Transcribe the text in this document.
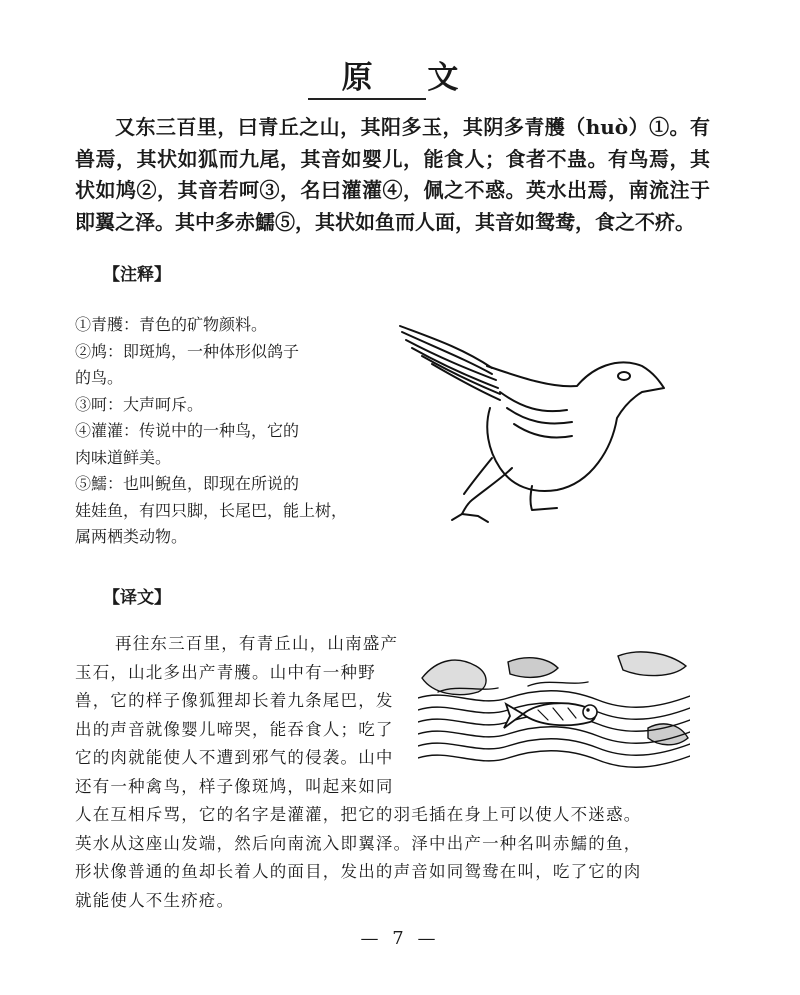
原 文

又东三百里，曰青丘之山，其阳多玉，其阴多青雘（huò）①。有兽焉，其状如狐而九尾，其音如婴儿，能食人；食者不蛊。有鸟焉，其状如鸠②，其音若呵③，名曰灌灌④，佩之不惑。英水出焉，南流注于即翼之泽。其中多赤鱬⑤，其状如鱼而人面，其音如鸳鸯，食之不疥。

【注释】

①青雘：青色的矿物颜料。
②鸠：即斑鸠，一种体形似鸽子
的鸟。
③呵：大声呵斥。
④灌灌：传说中的一种鸟，它的
肉味道鲜美。
⑤鱬：也叫鲵鱼，即现在所说的
娃娃鱼，有四只脚，长尾巴，能上树，
属两栖类动物。

【译文】

再往东三百里，有青丘山，山南盛产
玉石，山北多出产青雘。山中有一种野
兽，它的样子像狐狸却长着九条尾巴，发
出的声音就像婴儿啼哭，能吞食人；吃了
它的肉就能使人不遭到邪气的侵袭。山中
还有一种禽鸟，样子像斑鸠，叫起来如同
人在互相斥骂，它的名字是灌灌，把它的羽毛插在身上可以使人不迷惑。
英水从这座山发端，然后向南流入即翼泽。泽中出产一种名叫赤鱬的鱼，
形状像普通的鱼却长着人的面目，发出的声音如同鸳鸯在叫，吃了它的肉
就能使人不生疥疮。

— 7 —
